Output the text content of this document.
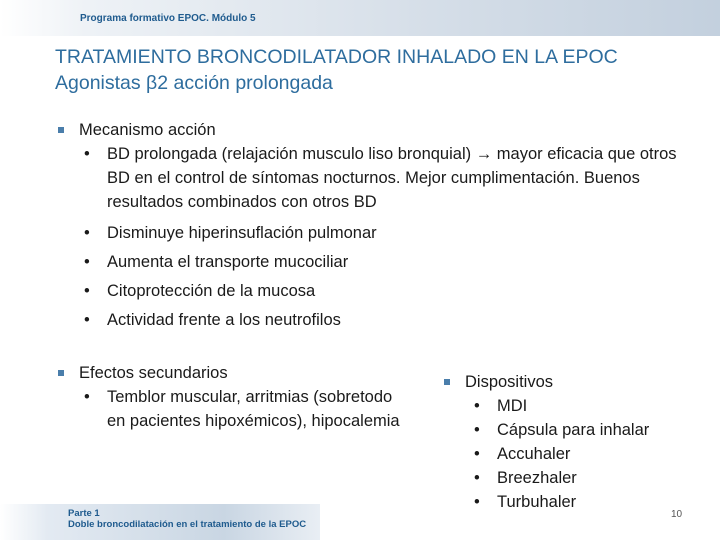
Programa formativo EPOC. Módulo 5
TRATAMIENTO BRONCODILATADOR INHALADO EN LA EPOC
Agonistas β2 acción prolongada
Mecanismo acción
• BD prolongada (relajación musculo liso bronquial) → mayor eficacia que otros BD en el control de síntomas nocturnos. Mejor cumplimentación. Buenos resultados combinados con otros BD
• Disminuye hiperinsuflación pulmonar
• Aumenta el transporte mucociliar
• Citoprotección de la mucosa
• Actividad frente a los neutrofilos
Efectos secundarios
• Temblor muscular, arritmias (sobretodo en pacientes hipoxémicos), hipocalemia
Dispositivos
• MDI
• Cápsula para inhalar
• Accuhaler
• Breezhaler
• Turbuhaler
Parte 1
Doble broncodilatación en el tratamiento de la EPOC
10
